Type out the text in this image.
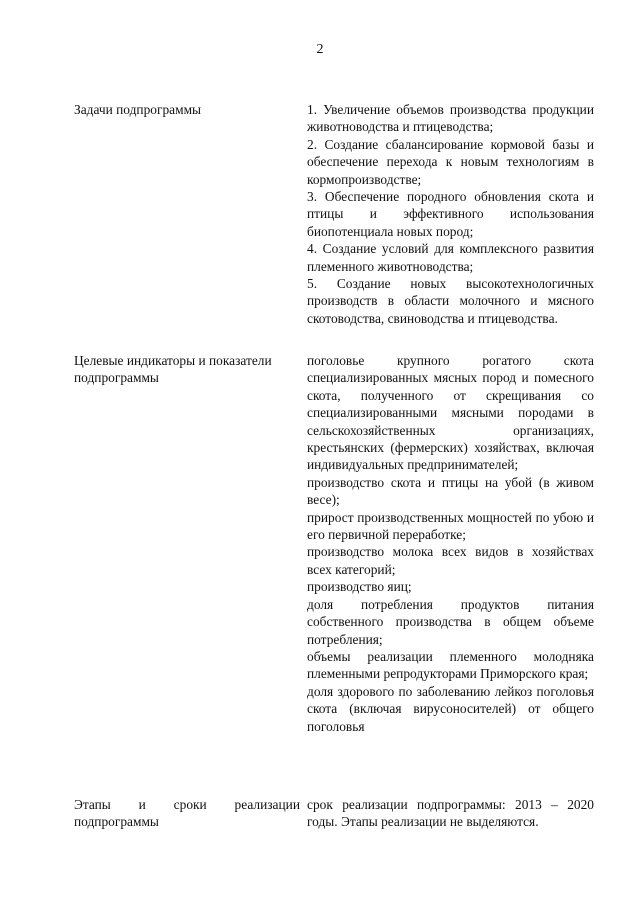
2
Задачи подпрограммы	1. Увеличение объемов производства продукции животноводства и птицеводства;
2. Создание сбалансирование кормовой базы и обеспечение перехода к новым технологиям в кормопроизводстве;
3. Обеспечение породного обновления скота и птицы и эффективного использования биопотенциала новых пород;
4. Создание условий для комплексного развития племенного животноводства;
5. Создание новых высокотехнологичных производств в области молочного и мясного скотоводства, свиноводства и птицеводства.
Целевые индикаторы и показатели подпрограммы
поголовье крупного рогатого скота специализированных мясных пород и помесного скота, полученного от скрещивания со специализированными мясными породами в сельскохозяйственных организациях, крестьянских (фермерских) хозяйствах, включая индивидуальных предпринимателей;
производство скота и птицы на убой (в живом весе);
прирост производственных мощностей по убою и его первичной переработке;
производство молока всех видов в хозяйствах всех категорий;
производство яиц;
доля потребления продуктов питания собственного производства в общем объеме потребления;
объемы реализации племенного молодняка племенными репродукторами Приморского края;
доля здорового по заболеванию лейкоз поголовья скота (включая вирусоносителей) от общего поголовья
Этапы и сроки реализации подпрограммы
срок реализации подпрограммы: 2013 – 2020 годы. Этапы реализации не выделяются.
